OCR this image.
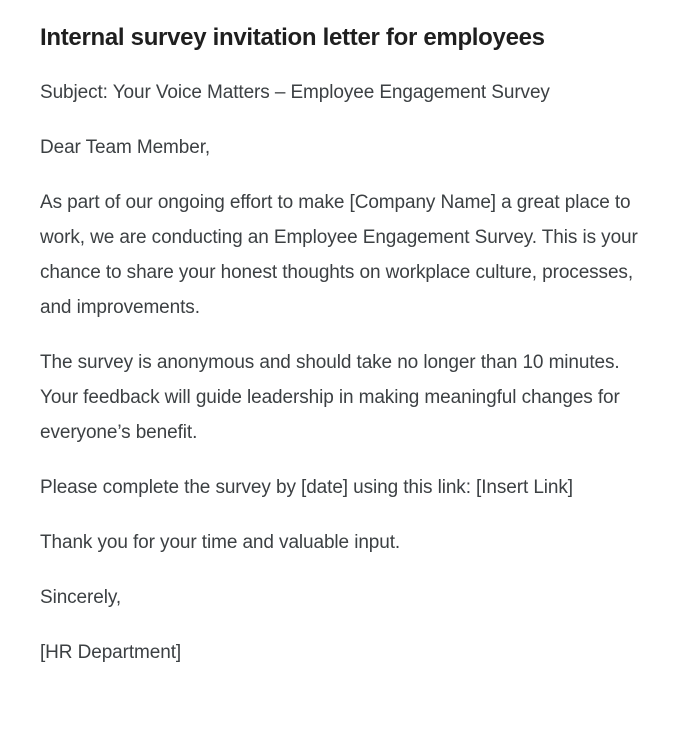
Internal survey invitation letter for employees

Subject: Your Voice Matters – Employee Engagement Survey

Dear Team Member,

As part of our ongoing effort to make [Company Name] a great place to work, we are conducting an Employee Engagement Survey. This is your chance to share your honest thoughts on workplace culture, processes, and improvements.

The survey is anonymous and should take no longer than 10 minutes. Your feedback will guide leadership in making meaningful changes for everyone’s benefit.

Please complete the survey by [date] using this link: [Insert Link]

Thank you for your time and valuable input.

Sincerely,

[HR Department]
